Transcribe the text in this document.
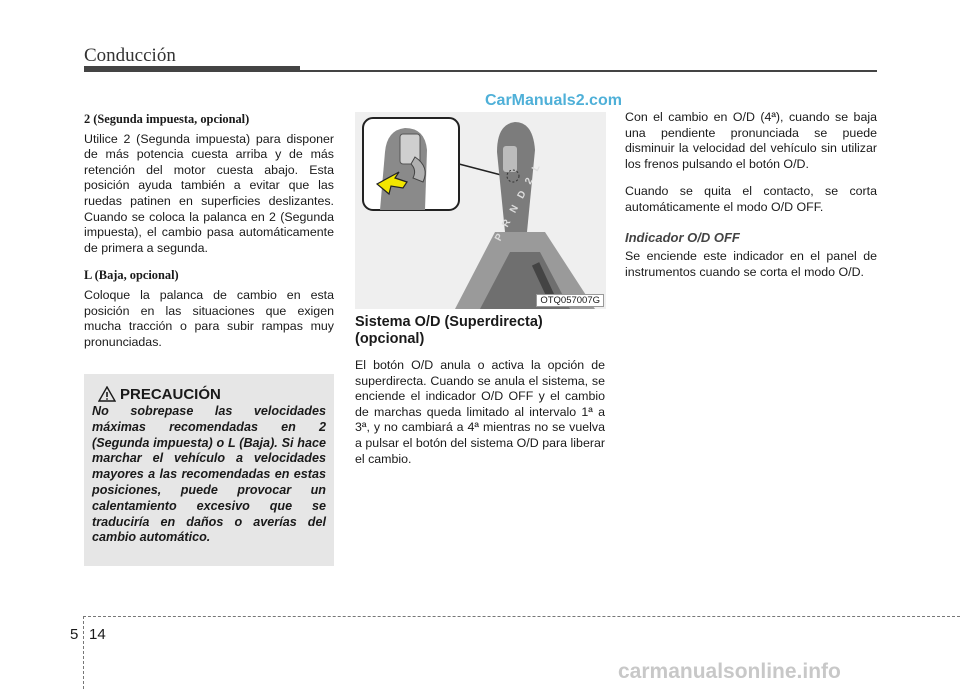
Conducción
CarManuals2.com
2 (Segunda impuesta, opcional)

Utilice 2 (Segunda impuesta) para disponer de más potencia cuesta arriba y de más retención del motor cuesta abajo. Esta posición ayuda también a evitar que las ruedas patinen en superficies deslizantes. Cuando se coloca la palanca en 2 (Segunda impuesta), el cambio pasa automáticamente de primera a segunda.

L (Baja, opcional)

Coloque la palanca de cambio en esta posición en las situaciones que exigen mucha tracción o para subir rampas muy pronunciadas.

PRECAUCIÓN
No sobrepase las velocidades máximas recomendadas en 2 (Segunda impuesta) o L (Baja). Si hace marchar el vehículo a velocidades mayores a las recomendadas en estas posiciones, puede provocar un calentamiento excesivo que se traduciría en daños o averías del cambio automático.
P
R
N
D
2
L
OTQ057007G
Sistema O/D (Superdirecta) (opcional)

El botón O/D anula o activa la opción de superdirecta. Cuando se anula el sistema, se enciende el indicador O/D OFF y el cambio de marchas queda limitado al intervalo 1ª a 3ª, y no cambiará a 4ª mientras no se vuelva a pulsar el botón del sistema O/D para liberar el cambio.

Con el cambio en O/D (4ª), cuando se baja una pendiente pronunciada se puede disminuir la velocidad del vehículo sin utilizar los frenos pulsando el botón O/D.

Cuando se quita el contacto, se corta automáticamente el modo O/D OFF.

Indicador O/D OFF

Se enciende este indicador en el panel de instrumentos cuando se corta el modo O/D.

5 14
carmanualsonline.info
